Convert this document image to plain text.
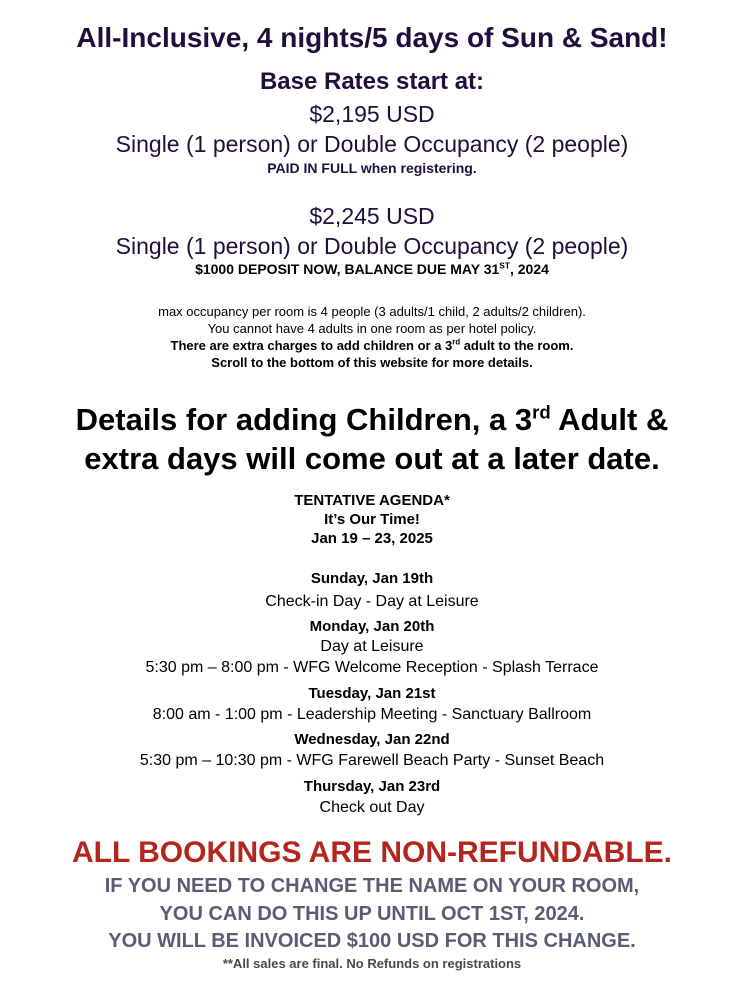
All-Inclusive, 4 nights/5 days of Sun & Sand!
Base Rates start at:
$2,195 USD
Single (1 person) or Double Occupancy (2 people)
PAID IN FULL when registering.
$2,245 USD
Single (1 person) or Double Occupancy (2 people)
$1000 DEPOSIT NOW, BALANCE DUE MAY 31ST, 2024
max occupancy per room is 4 people (3 adults/1 child, 2 adults/2 children).
You cannot have 4 adults in one room as per hotel policy.
There are extra charges to add children or a 3rd adult to the room.
Scroll to the bottom of this website for more details.
Details for adding Children, a 3rd Adult &
extra days will come out at a later date.
TENTATIVE AGENDA*
It’s Our Time!
Jan 19 – 23, 2025
Sunday, Jan 19th
Check-in Day - Day at Leisure
Monday, Jan 20th
Day at Leisure
5:30 pm – 8:00 pm - WFG Welcome Reception - Splash Terrace
Tuesday, Jan 21st
8:00 am - 1:00 pm - Leadership Meeting - Sanctuary Ballroom
Wednesday, Jan 22nd
5:30 pm – 10:30 pm - WFG Farewell Beach Party - Sunset Beach
Thursday, Jan 23rd
Check out Day
ALL BOOKINGS ARE NON-REFUNDABLE.
IF YOU NEED TO CHANGE THE NAME ON YOUR ROOM,
YOU CAN DO THIS UP UNTIL OCT 1ST, 2024.
YOU WILL BE INVOICED $100 USD FOR THIS CHANGE.
**All sales are final. No Refunds on registrations
